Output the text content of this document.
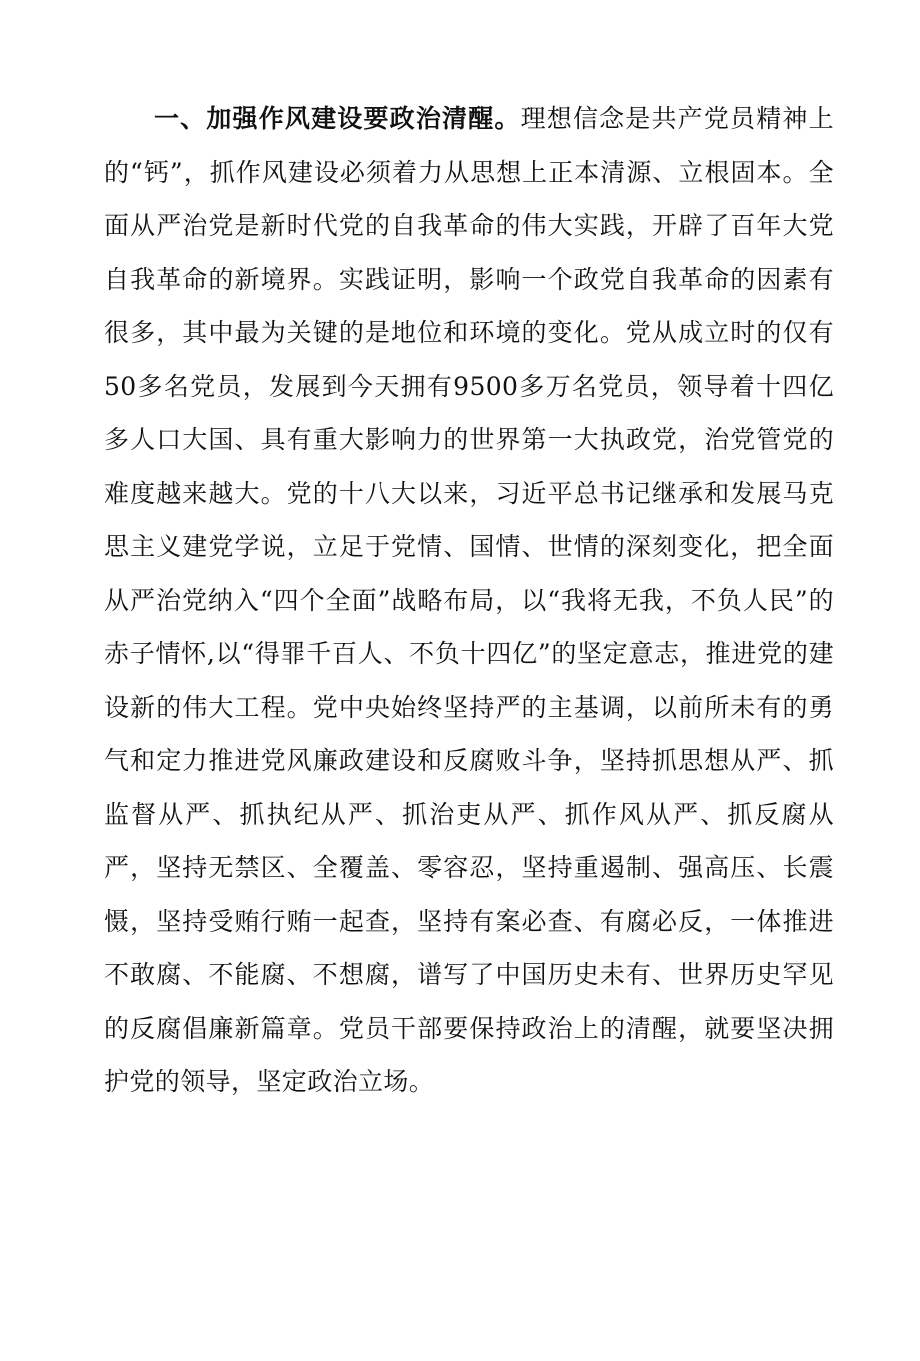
一、加强作风建设要政治清醒。理想信念是共产党员精神上的“钙”，抓作风建设必须着力从思想上正本清源、立根固本。全面从严治党是新时代党的自我革命的伟大实践，开辟了百年大党自我革命的新境界。实践证明，影响一个政党自我革命的因素有很多，其中最为关键的是地位和环境的变化。党从成立时的仅有50多名党员，发展到今天拥有9500多万名党员，领导着十四亿多人口大国、具有重大影响力的世界第一大执政党，治党管党的难度越来越大。党的十八大以来，习近平总书记继承和发展马克思主义建党学说，立足于党情、国情、世情的深刻变化，把全面从严治党纳入“四个全面”战略布局，以“我将无我，不负人民”的赤子情怀,以“得罪千百人、不负十四亿”的坚定意志，推进党的建设新的伟大工程。党中央始终坚持严的主基调，以前所未有的勇气和定力推进党风廉政建设和反腐败斗争，坚持抓思想从严、抓监督从严、抓执纪从严、抓治吏从严、抓作风从严、抓反腐从严，坚持无禁区、全覆盖、零容忍，坚持重遏制、强高压、长震慑，坚持受贿行贿一起查，坚持有案必查、有腐必反，一体推进不敢腐、不能腐、不想腐，谱写了中国历史未有、世界历史罕见的反腐倡廉新篇章。党员干部要保持政治上的清醒，就要坚决拥护党的领导，坚定政治立场。
